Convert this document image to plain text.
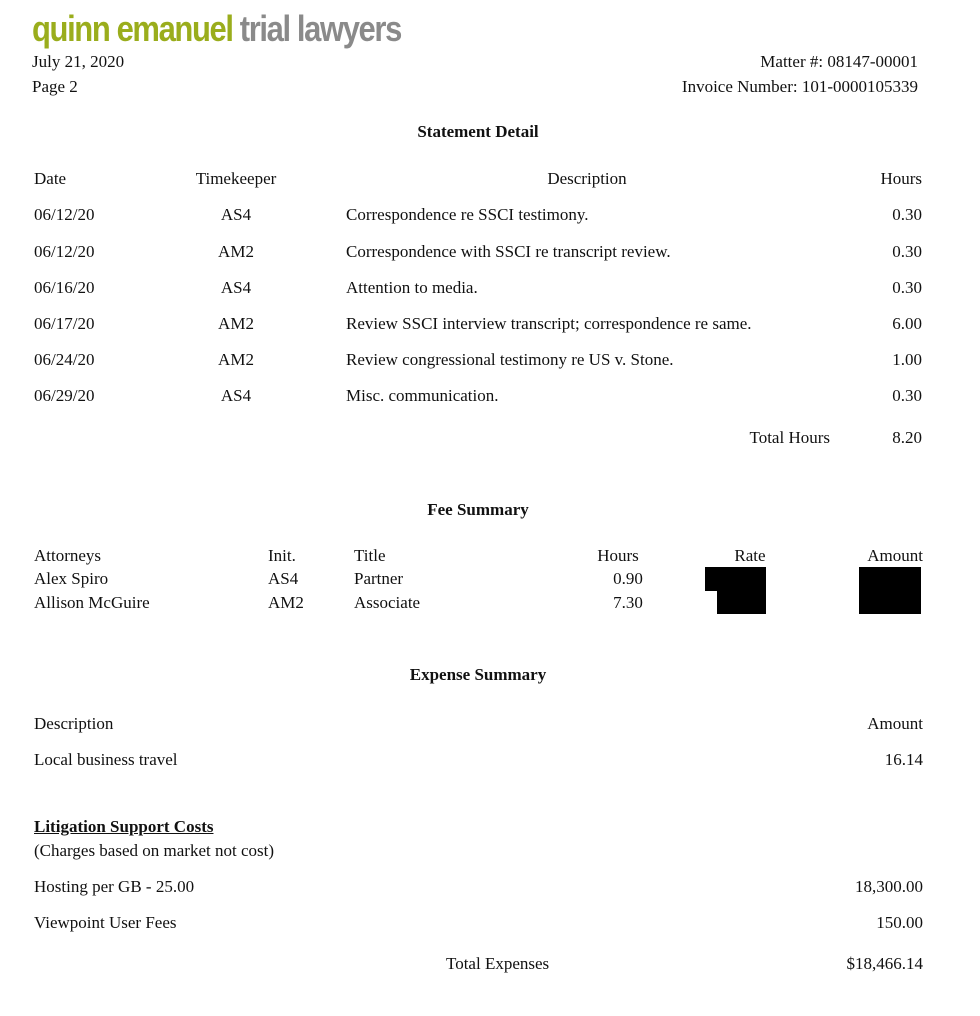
quinn emanuel trial lawyers
July 21, 2020
Page 2
Matter #: 08147-00001
Invoice Number: 101-0000105339
Statement Detail
Date	Timekeeper	Description	Hours
06/12/20	AS4	Correspondence re SSCI testimony.	0.30
06/12/20	AM2	Correspondence with SSCI re transcript review.	0.30
06/16/20	AS4	Attention to media.	0.30
06/17/20	AM2	Review SSCI interview transcript; correspondence re same.	6.00
06/24/20	AM2	Review congressional testimony re US v. Stone.	1.00
06/29/20	AS4	Misc. communication.	0.30
Total Hours	8.20
Fee Summary
Attorneys	Init.	Title	Hours	Rate	Amount
Alex Spiro	AS4	Partner	0.90
Allison McGuire	AM2	Associate	7.30
Expense Summary
Description	Amount
Local business travel	16.14
Litigation Support Costs
(Charges based on market not cost)
Hosting per GB - 25.00	18,300.00
Viewpoint User Fees	150.00
Total Expenses	$18,466.14
